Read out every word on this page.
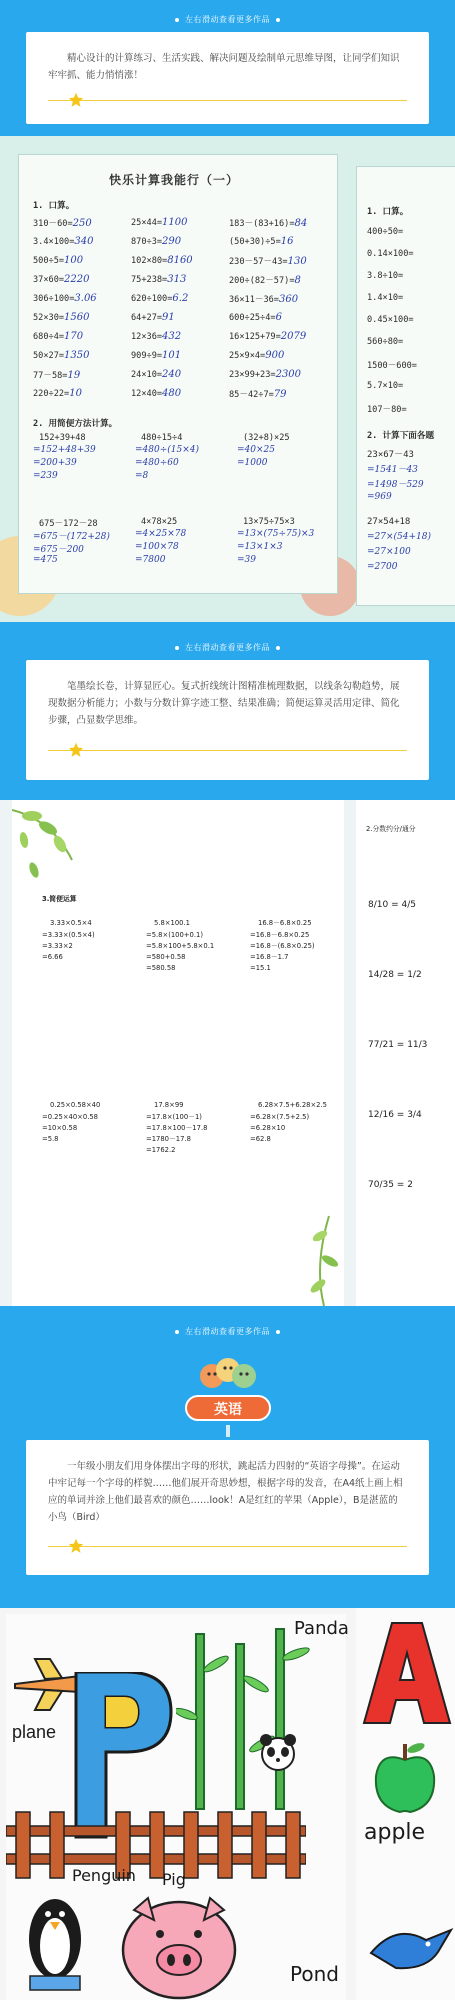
左右滑动查看更多作品
精心设计的计算练习、生活实践、解决问题及绘制单元思维导图，让同学们知识牢牢抓、能力悄悄涨！
快乐计算我能行（一）
1. 口算。
310－60=250	25×44=1100	183－(83+16)=84
3.4×100=340	870÷3=290	(50+30)÷5=16
500÷5=100	102×80=8160	230－57－43=130
37×60=2220	75+238=313	200÷(82－57)=8
306÷100=3.06	620÷100=6.2	36×11－36=360
52×30=1560	64+27=91	600÷25÷4=6
680÷4=170	12×36=432	16×125+79=2079
50×27=1350	909÷9=101	25×9×4=900
77－58=19	24×10=240	23×99+23=2300
220÷22=10	12×40=480	85－42÷7=79
2. 用简便方法计算。
152+39+48
=152+48+39
=200+39
=239
480÷15÷4
=480÷(15×4)
=480÷60
=8
(32+8)×25
=40×25
=1000
675－172－28
=675－(172+28)
=675－200
=475
4×78×25
=4×25×78
=100×78
=7800
13×75÷75×3
=13×(75÷75)×3
=13×1×3
=39
1. 口算。
400÷50=
0.14×100=
3.8÷10=
1.4×10=
0.45×100=
560÷80=
1500－600=
5.7×10=
107－80=
2. 计算下面各题
23×67－43
=1541－43
=1498－529
=969
27×54+18
=27×(54+18)
=27×100
=2700
左右滑动查看更多作品
笔墨绘长卷，计算显匠心。复式折线统计图精准梳理数据，以线条勾勒趋势，展现数据分析能力；小数与分数计算字迹工整、结果准确；简便运算灵活用定律、简化步骤，凸显数学思维。
3.简便运算
3.33×0.5×4
=3.33×(0.5×4)
=3.33×2
=6.66
5.8×100.1
=5.8×(100+0.1)
=5.8×100+5.8×0.1
=580+0.58
=580.58
16.8－6.8×0.25
=16.8－6.8×0.25
=16.8－(6.8×0.25)
=16.8－1.7
=15.1
0.25×0.58×40
=0.25×40×0.58
=10×0.58
=5.8
17.8×99
=17.8×(100－1)
=17.8×100－17.8
=1780－17.8
=1762.2
6.28×7.5+6.28×2.5
=6.28×(7.5+2.5)
=6.28×10
=62.8
2.分数约分/通分
8/10 = 4/5
14/28 = 1/2
77/21 = 11/3
12/16 = 3/4
70/35 = 2
左右滑动查看更多作品
英语
一年级小朋友们用身体摆出字母的形状，跳起活力四射的“英语字母操”。在运动中牢记每一个字母的样貌……他们展开奇思妙想，根据字母的发音，在A4纸上画上相应的单词并涂上他们最喜欢的颜色……look！A是红红的苹果（Apple），B是湛蓝的小鸟（Bird）
plane
Panda
Penguin Pig
Pond
apple
